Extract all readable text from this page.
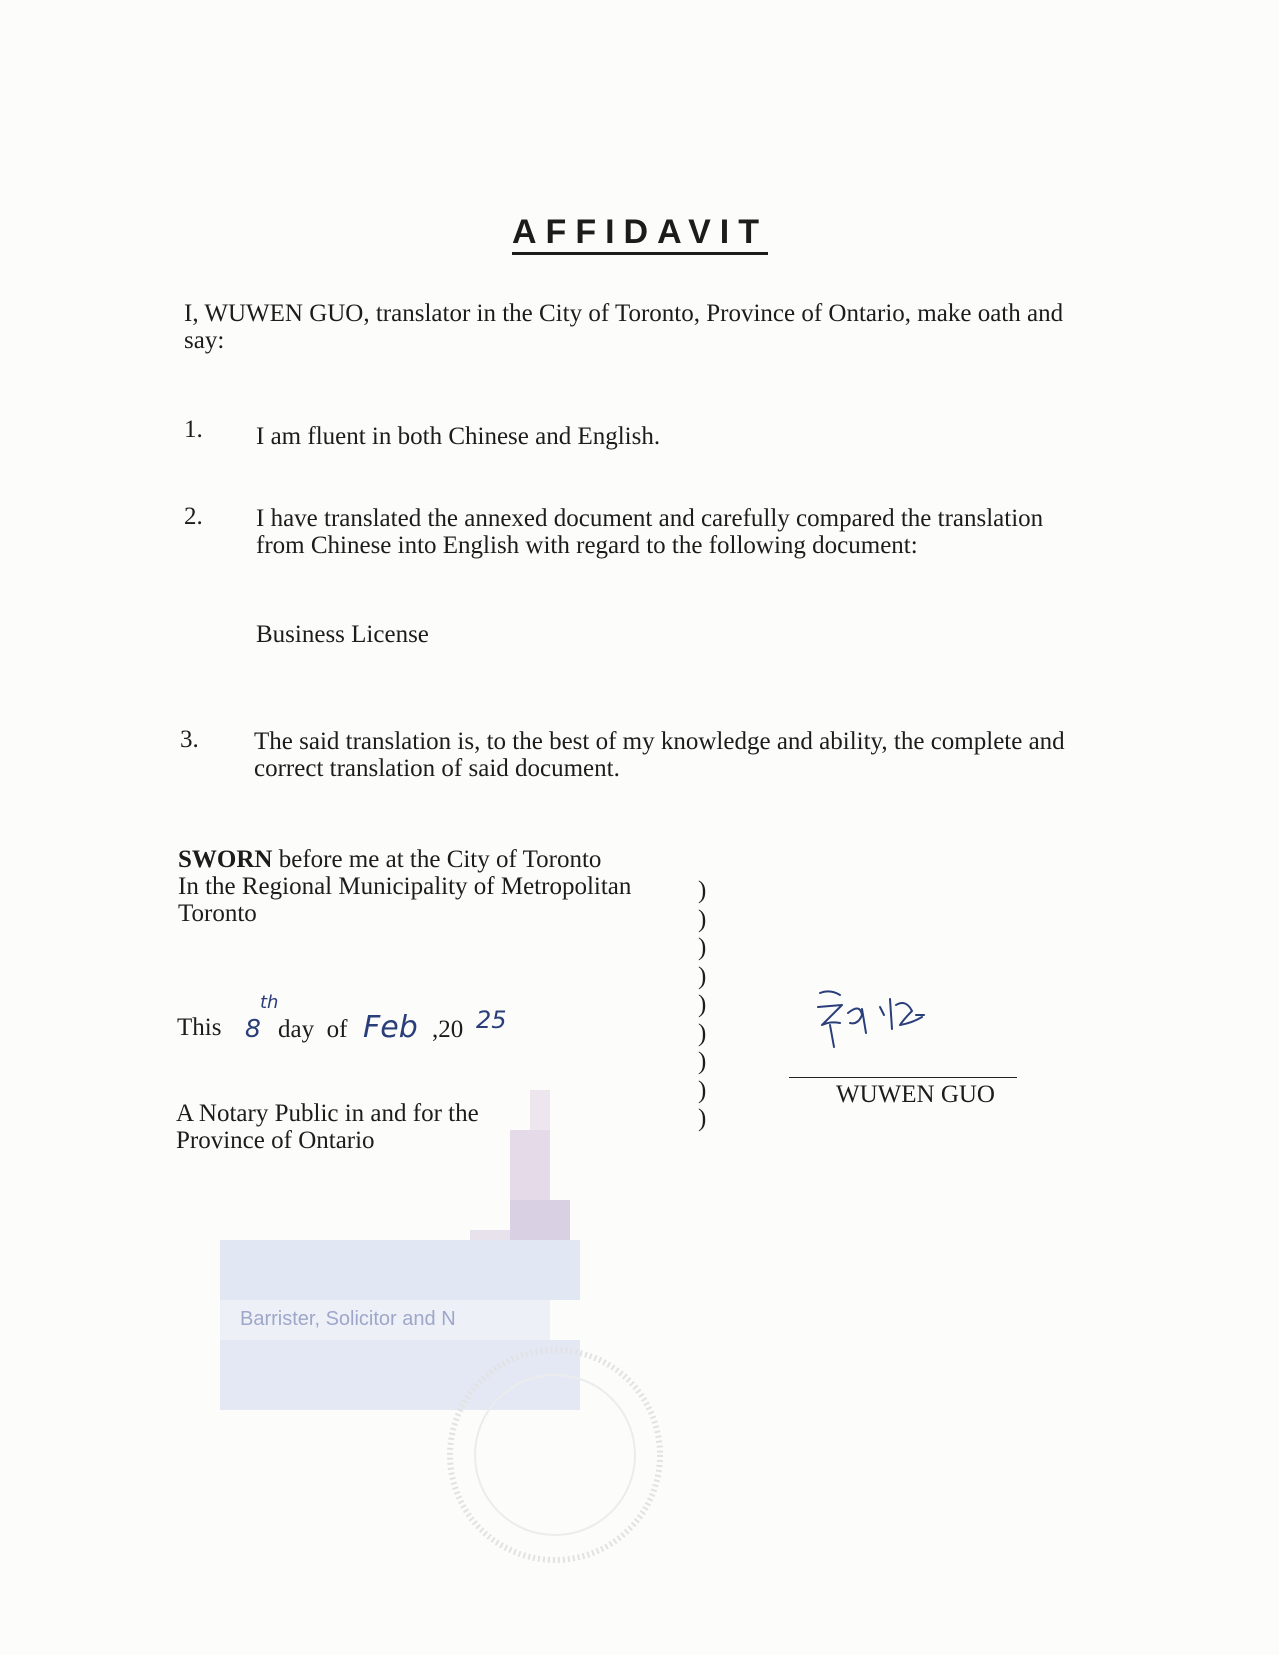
AFFIDAVIT
I, WUWEN GUO, translator in the City of Toronto, Province of Ontario, make oath and
say:
1. I am fluent in both Chinese and English.
2. I have translated the annexed document and carefully compared the translation
from Chinese into English with regard to the following document:
Business License
3. The said translation is, to the best of my knowledge and ability, the complete and
correct translation of said document.
SWORN before me at the City of Toronto
In the Regional Municipality of Metropolitan
Toronto
This 8
th
day  of Feb ,20 25
A Notary Public in and for the
Province of Ontario
)
)
)
)
)
)
)
)
)
WUWEN GUO
Barrister, Solicitor and N
